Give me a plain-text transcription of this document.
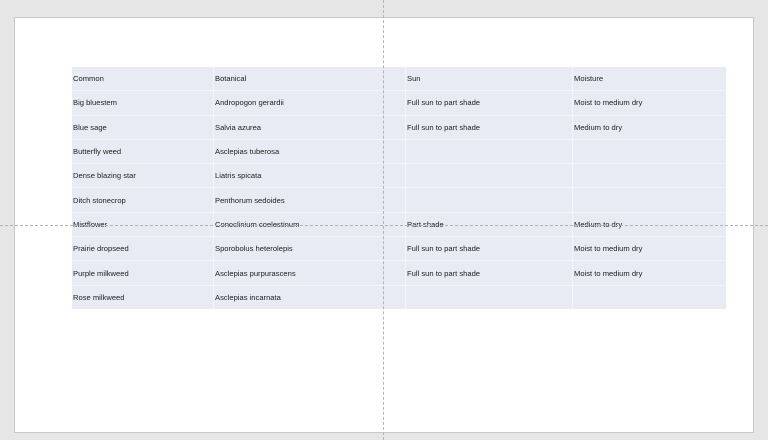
Common	Botanical	Sun	Moisture
Big bluestem	Andropogon gerardii	Full sun to part shade	Moist to medium dry
Blue sage	Salvia azurea	Full sun to part shade	Medium to dry
Butterfly weed	Asclepias tuberosa		
Dense blazing star	Liatris spicata		
Ditch stonecrop	Penthorum sedoides		
Mistflower	Conoclinium coelestinum	Part shade	Medium to dry
Prairie dropseed	Sporobolus heterolepis	Full sun to part shade	Moist to medium dry
Purple milkweed	Asclepias purpurascens	Full sun to part shade	Moist to medium dry
Rose milkweed	Asclepias incarnata		
